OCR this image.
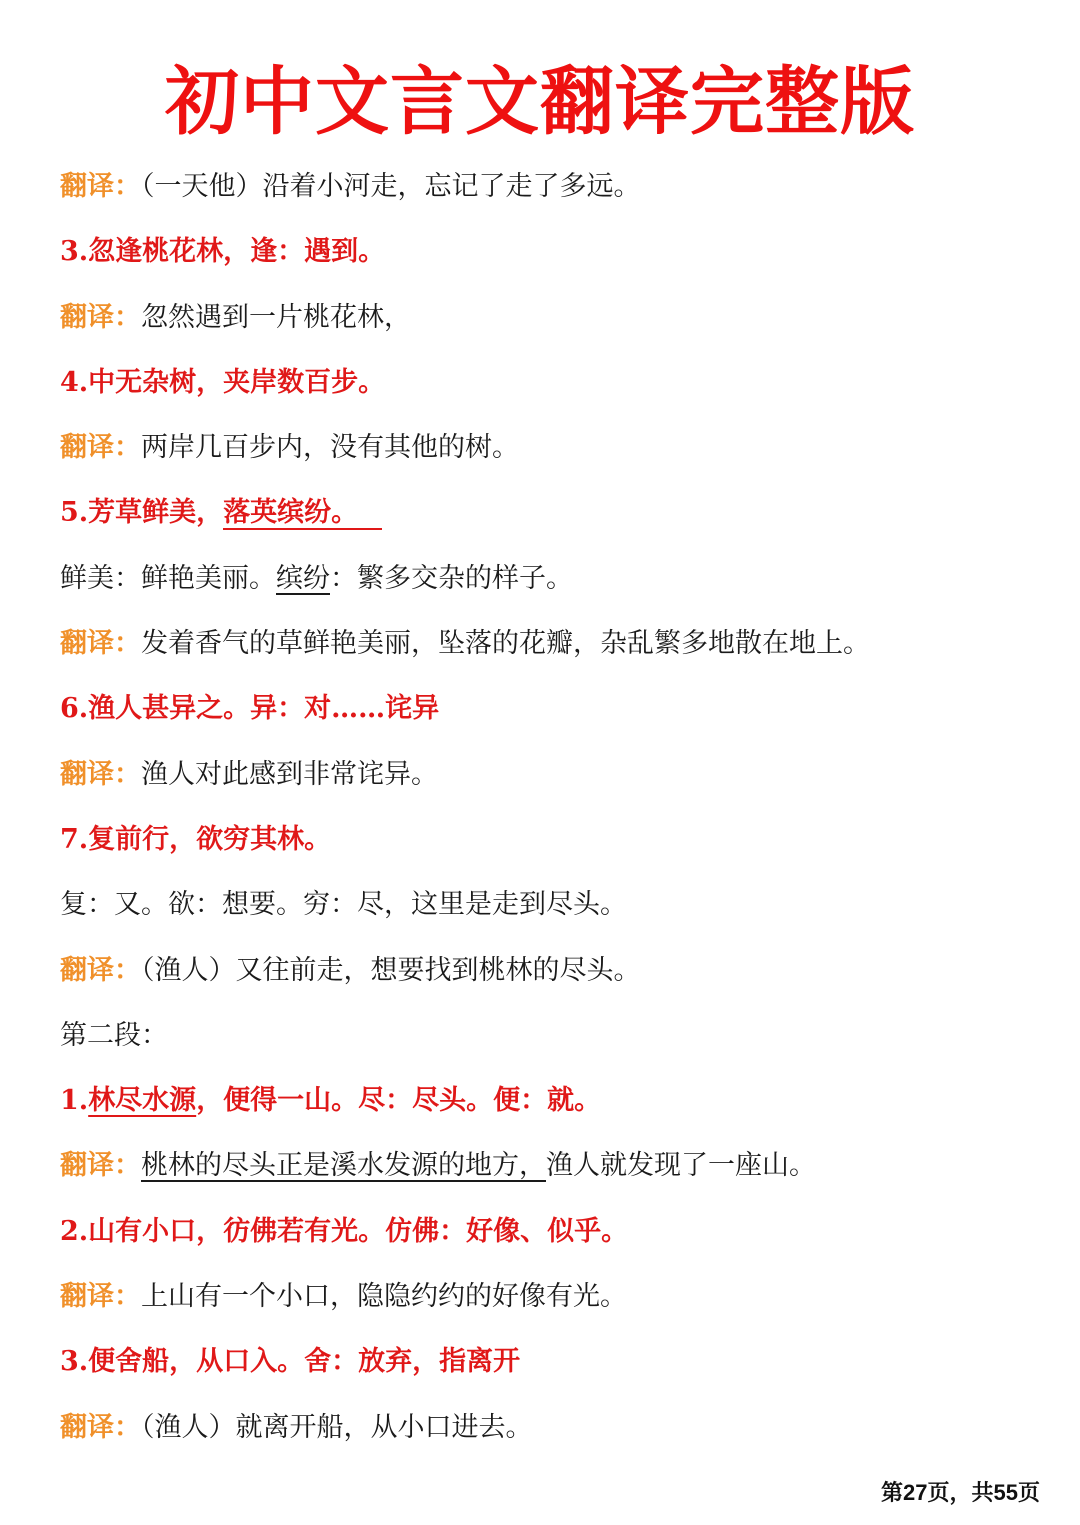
初中文言文翻译完整版
翻译：（一天他）沿着小河走，忘记了走了多远。
3.忽逢桃花林，逢：遇到。
翻译：忽然遇到一片桃花林，
4.中无杂树，夹岸数百步。
翻译：两岸几百步内，没有其他的树。
5.芳草鲜美，落英缤纷。
鲜美：鲜艳美丽。缤纷：繁多交杂的样子。
翻译：发着香气的草鲜艳美丽，坠落的花瓣，杂乱繁多地散在地上。
6.渔人甚异之。异：对……诧异
翻译：渔人对此感到非常诧异。
7.复前行，欲穷其林。
复：又。欲：想要。穷：尽，这里是走到尽头。
翻译：（渔人）又往前走，想要找到桃林的尽头。
第二段：
1.林尽水源，便得一山。尽：尽头。便：就。
翻译：桃林的尽头正是溪水发源的地方，渔人就发现了一座山。
2.山有小口，彷佛若有光。仿佛：好像、似乎。
翻译：上山有一个小口，隐隐约约的好像有光。
3.便舍船，从口入。舍：放弃，指离开
翻译：（渔人）就离开船，从小口进去。
第27页，共55页
